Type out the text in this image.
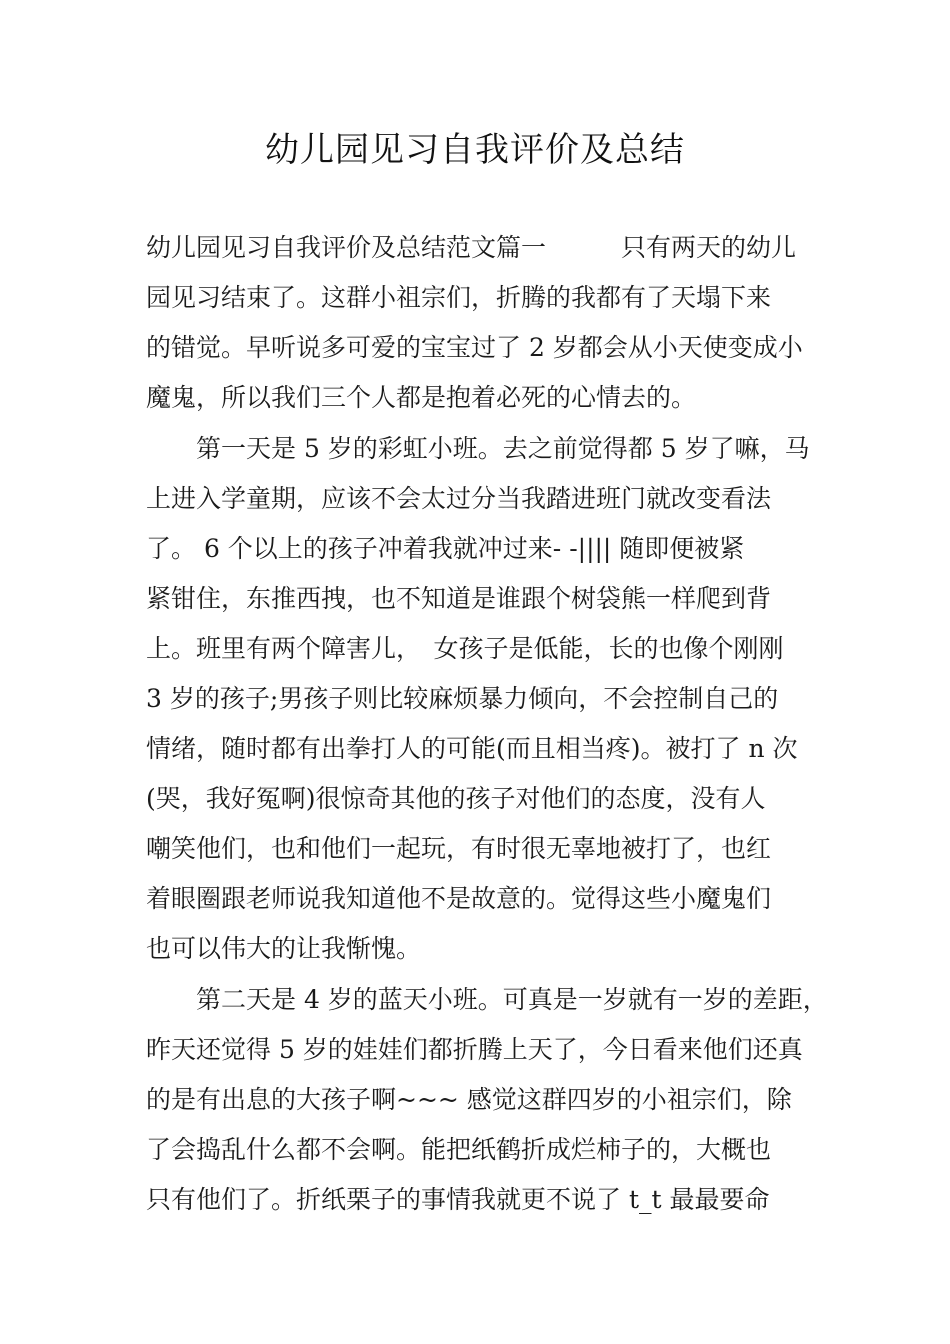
幼儿园见习自我评价及总结
幼儿园见习自我评价及总结范文篇一　　　只有两天的幼儿
园见习结束了。这群小祖宗们，折腾的我都有了天塌下来
的错觉。早听说多可爱的宝宝过了 2 岁都会从小天使变成小
魔鬼，所以我们三个人都是抱着必死的心情去的。
　　第一天是 5 岁的彩虹小班。去之前觉得都 5 岁了嘛，马
上进入学童期，应该不会太过分当我踏进班门就改变看法
了。 6 个以上的孩子冲着我就冲过来- -|||| 随即便被紧
紧钳住，东推西拽，也不知道是谁跟个树袋熊一样爬到背
上。班里有两个障害儿，　女孩子是低能，长的也像个刚刚
3 岁的孩子;男孩子则比较麻烦暴力倾向，不会控制自己的
情绪，随时都有出拳打人的可能(而且相当疼)。被打了 n 次
(哭，我好冤啊)很惊奇其他的孩子对他们的态度，没有人
嘲笑他们，也和他们一起玩，有时很无辜地被打了，也红
着眼圈跟老师说我知道他不是故意的。觉得这些小魔鬼们
也可以伟大的让我惭愧。
　　第二天是 4 岁的蓝天小班。可真是一岁就有一岁的差距，
昨天还觉得 5 岁的娃娃们都折腾上天了，今日看来他们还真
的是有出息的大孩子啊~~~ 感觉这群四岁的小祖宗们，除
了会捣乱什么都不会啊。能把纸鹤折成烂柿子的，大概也
只有他们了。折纸栗子的事情我就更不说了 t_t 最最要命
